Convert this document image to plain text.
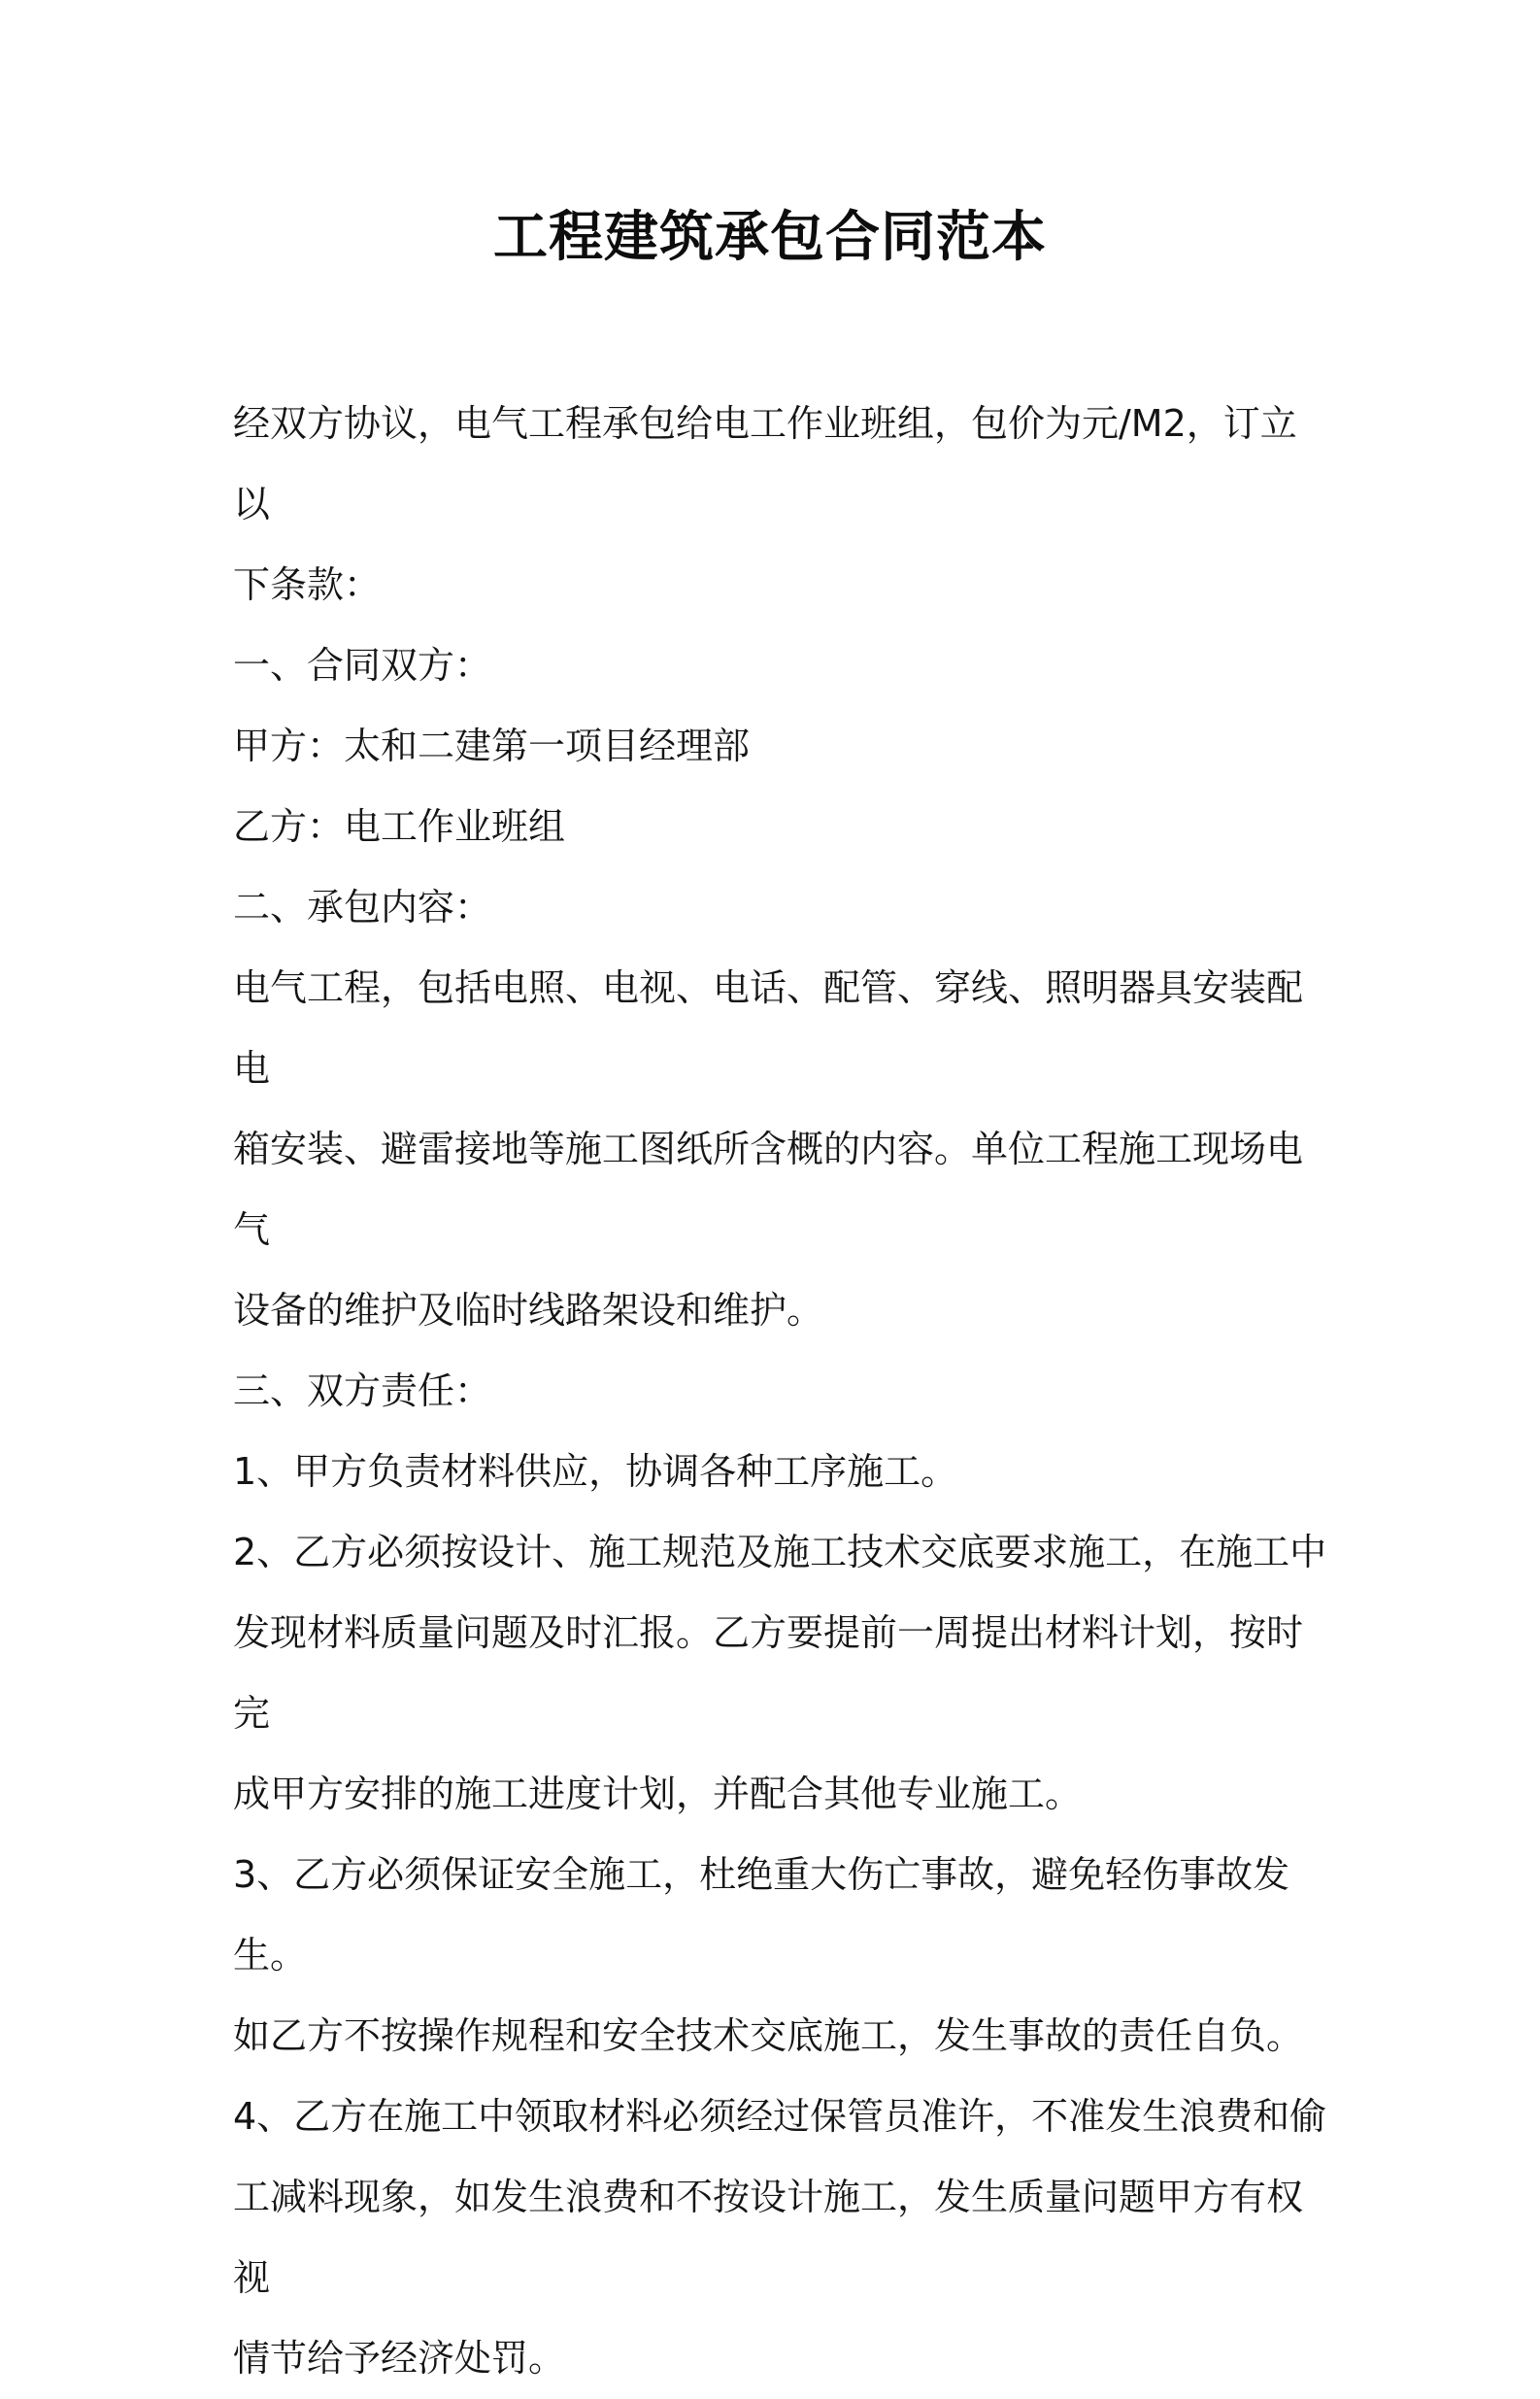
工程建筑承包合同范本

经双方协议，电气工程承包给电工作业班组，包价为元/M2，订立以

下条款：

一、合同双方：

甲方：太和二建第一项目经理部

乙方：电工作业班组

二、承包内容：

电气工程，包括电照、电视、电话、配管、穿线、照明器具安装配电

箱安装、避雷接地等施工图纸所含概的内容。单位工程施工现场电气

设备的维护及临时线路架设和维护。

三、双方责任：

1、甲方负责材料供应，协调各种工序施工。

2、乙方必须按设计、施工规范及施工技术交底要求施工，在施工中

发现材料质量问题及时汇报。乙方要提前一周提出材料计划，按时完

成甲方安排的施工进度计划，并配合其他专业施工。

3、乙方必须保证安全施工，杜绝重大伤亡事故，避免轻伤事故发生。

如乙方不按操作规程和安全技术交底施工，发生事故的责任自负。

4、乙方在施工中领取材料必须经过保管员准许，不准发生浪费和偷

工减料现象，如发生浪费和不按设计施工，发生质量问题甲方有权视

情节给予经济处罚。
